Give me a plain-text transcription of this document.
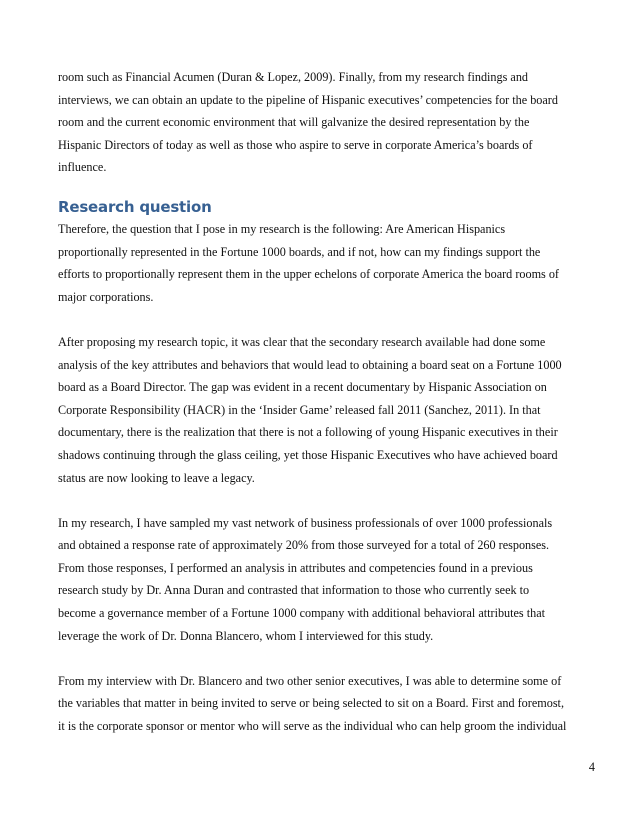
room such as Financial Acumen (Duran & Lopez, 2009). Finally, from my research findings and
interviews, we can obtain an update to the pipeline of Hispanic executives’ competencies for the board
room and the current economic environment that will galvanize the desired representation by the
Hispanic Directors of today as well as those who aspire to serve in corporate America’s boards of
influence.

Research question

Therefore, the question that I pose in my research is the following: Are American Hispanics
proportionally represented in the Fortune 1000 boards, and if not, how can my findings support the
efforts to proportionally represent them in the upper echelons of corporate America the board rooms of
major corporations.

After proposing my research topic, it was clear that the secondary research available had done some
analysis of the key attributes and behaviors that would lead to obtaining a board seat on a Fortune 1000
board as a Board Director. The gap was evident in a recent documentary by Hispanic Association on
Corporate Responsibility (HACR) in the ‘Insider Game’ released fall 2011 (Sanchez, 2011). In that
documentary, there is the realization that there is not a following of young Hispanic executives in their
shadows continuing through the glass ceiling, yet those Hispanic Executives who have achieved board
status are now looking to leave a legacy.

In my research, I have sampled my vast network of business professionals of over 1000 professionals
and obtained a response rate of approximately 20% from those surveyed for a total of 260 responses.
From those responses, I performed an analysis in attributes and competencies found in a previous
research study by Dr. Anna Duran and contrasted that information to those who currently seek to
become a governance member of a Fortune 1000 company with additional behavioral attributes that
leverage the work of Dr. Donna Blancero, whom I interviewed for this study.

From my interview with Dr. Blancero and two other senior executives, I was able to determine some of
the variables that matter in being invited to serve or being selected to sit on a Board. First and foremost,
it is the corporate sponsor or mentor who will serve as the individual who can help groom the individual

4
